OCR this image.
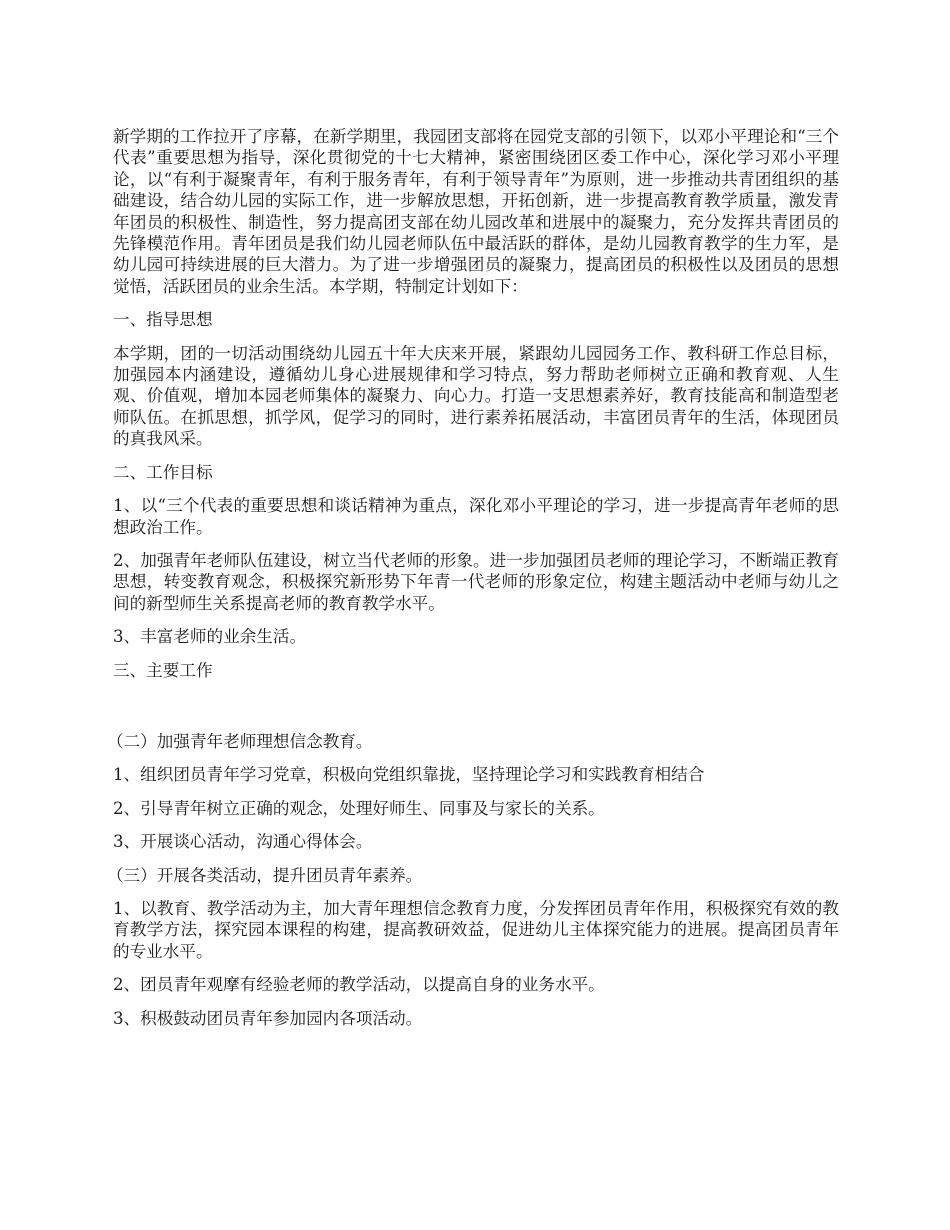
新学期的工作拉开了序幕，在新学期里，我园团支部将在园党支部的引领下，以邓小平理论和“三个代表”重要思想为指导，深化贯彻党的十七大精神，紧密围绕团区委工作中心，深化学习邓小平理论，以“有利于凝聚青年，有利于服务青年，有利于领导青年”为原则，进一步推动共青团组织的基础建设，结合幼儿园的实际工作，进一步解放思想，开拓创新，进一步提高教育教学质量，激发青年团员的积极性、制造性，努力提高团支部在幼儿园改革和进展中的凝聚力，充分发挥共青团员的先锋模范作用。青年团员是我们幼儿园老师队伍中最活跃的群体，是幼儿园教育教学的生力军，是幼儿园可持续进展的巨大潜力。为了进一步增强团员的凝聚力，提高团员的积极性以及团员的思想觉悟，活跃团员的业余生活。本学期，特制定计划如下：

一、指导思想

本学期，团的一切活动围绕幼儿园五十年大庆来开展，紧跟幼儿园园务工作、教科研工作总目标，加强园本内涵建设，遵循幼儿身心进展规律和学习特点，努力帮助老师树立正确和教育观、人生观、价值观，增加本园老师集体的凝聚力、向心力。打造一支思想素养好，教育技能高和制造型老师队伍。在抓思想，抓学风，促学习的同时，进行素养拓展活动，丰富团员青年的生活，体现团员的真我风采。

二、工作目标

1、以“三个代表的重要思想和谈话精神为重点，深化邓小平理论的学习，进一步提高青年老师的思想政治工作。

2、加强青年老师队伍建设，树立当代老师的形象。进一步加强团员老师的理论学习，不断端正教育思想，转变教育观念，积极探究新形势下年青一代老师的形象定位，构建主题活动中老师与幼儿之间的新型师生关系提高老师的教育教学水平。

3、丰富老师的业余生活。

三、主要工作

（二）加强青年老师理想信念教育。

1、组织团员青年学习党章，积极向党组织靠拢，坚持理论学习和实践教育相结合

2、引导青年树立正确的观念，处理好师生、同事及与家长的关系。

3、开展谈心活动，沟通心得体会。

（三）开展各类活动，提升团员青年素养。

1、以教育、教学活动为主，加大青年理想信念教育力度，分发挥团员青年作用，积极探究有效的教育教学方法，探究园本课程的构建，提高教研效益，促进幼儿主体探究能力的进展。提高团员青年的专业水平。

2、团员青年观摩有经验老师的教学活动，以提高自身的业务水平。

3、积极鼓动团员青年参加园内各项活动。
